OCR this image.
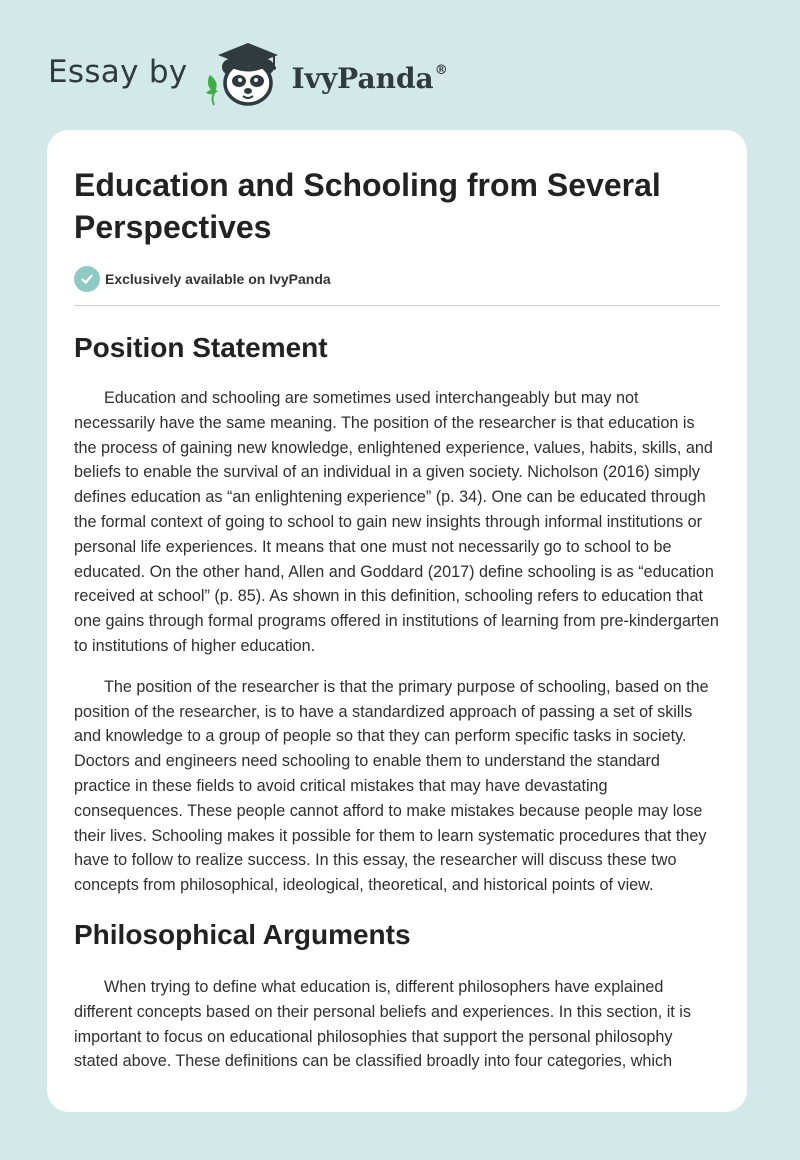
Essay by	IvyPanda®
Education and Schooling from Several Perspectives
Exclusively available on IvyPanda
Position Statement

Education and schooling are sometimes used interchangeably but may not necessarily have the same meaning. The position of the researcher is that education is the process of gaining new knowledge, enlightened experience, values, habits, skills, and beliefs to enable the survival of an individual in a given society. Nicholson (2016) simply defines education as “an enlightening experience” (p. 34). One can be educated through the formal context of going to school to gain new insights through informal institutions or personal life experiences. It means that one must not necessarily go to school to be educated. On the other hand, Allen and Goddard (2017) define schooling is as “education received at school” (p. 85). As shown in this definition, schooling refers to education that one gains through formal programs offered in institutions of learning from pre-kindergarten to institutions of higher education.

The position of the researcher is that the primary purpose of schooling, based on the position of the researcher, is to have a standardized approach of passing a set of skills and knowledge to a group of people so that they can perform specific tasks in society. Doctors and engineers need schooling to enable them to understand the standard practice in these fields to avoid critical mistakes that may have devastating consequences. These people cannot afford to make mistakes because people may lose their lives. Schooling makes it possible for them to learn systematic procedures that they have to follow to realize success. In this essay, the researcher will discuss these two concepts from philosophical, ideological, theoretical, and historical points of view.

Philosophical Arguments

When trying to define what education is, different philosophers have explained different concepts based on their personal beliefs and experiences. In this section, it is important to focus on educational philosophies that support the personal philosophy stated above. These definitions can be classified broadly into four categories, which
